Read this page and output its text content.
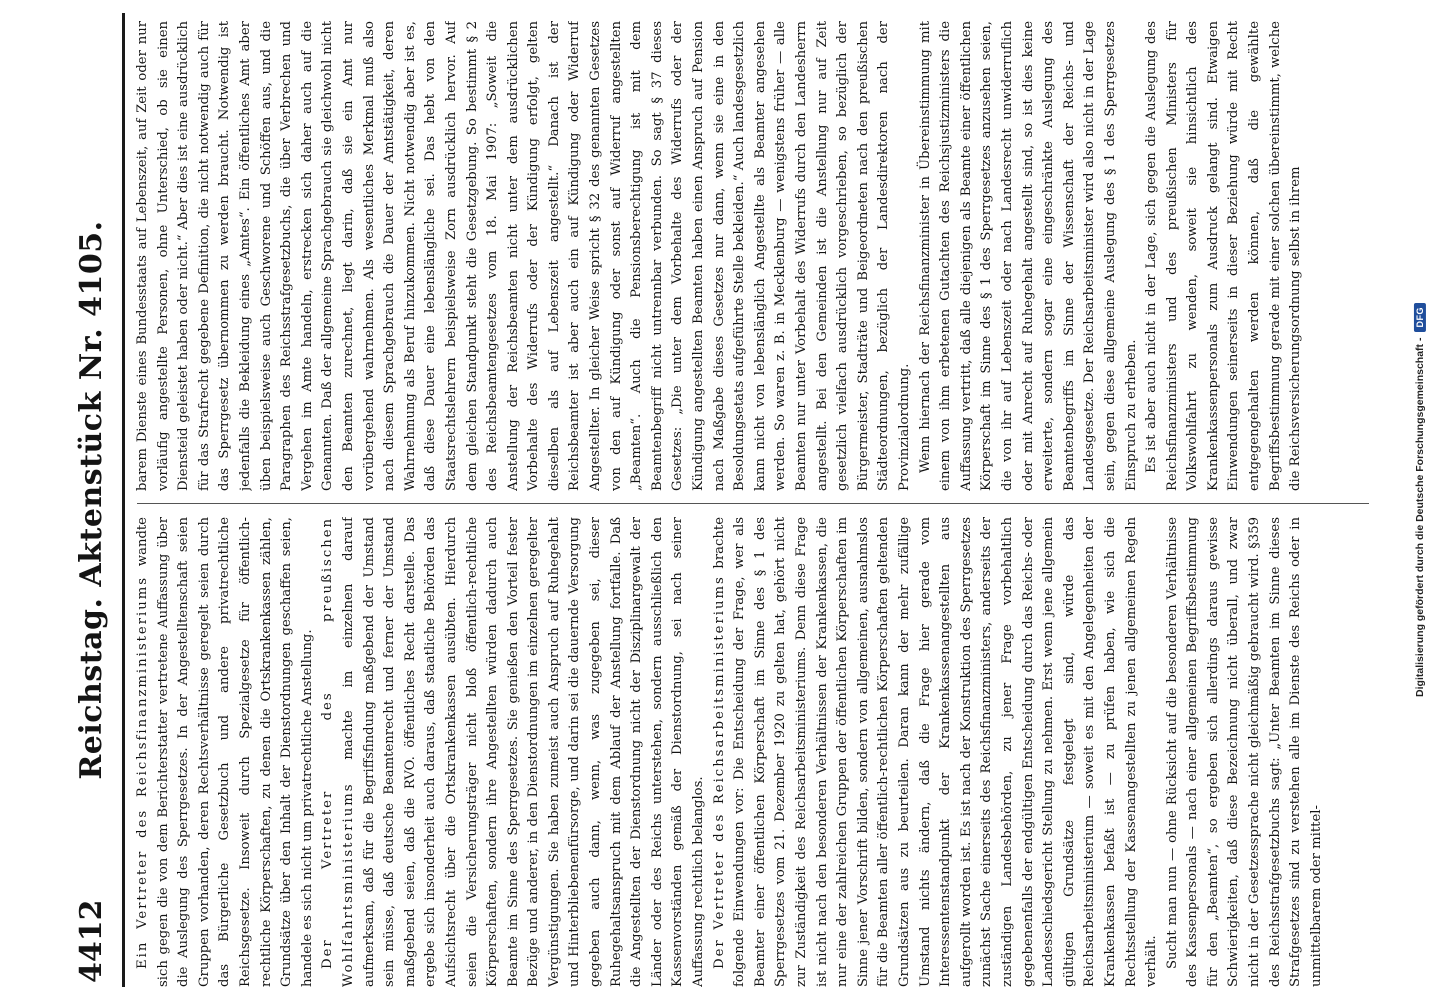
4412
Reichstag. Aktenstück Nr. 4105. Ein Vertreter des Reichsfinanzministeriums wandte sich gegen die von dem Berichterstatter vertretene Auffassung über die Auslegung des Sperrgesetzes. In der Angestelltenschaft seien Gruppen vorhanden, deren Rechtsverhältnisse geregelt seien durch das Bürgerliche Gesetzbuch und andere privatrechtliche Reichsgesetze. Insoweit durch Spezialgesetze für öffentlich-rechtliche Körperschaften, zu denen die Ortskrankenkassen zählen, Grundsätze über den Inhalt der Dienstordnungen geschaffen seien, handele es sich nicht um privatrechtliche Anstellung. Der Vertreter des preußischen Wohlfahrtsministeriums machte im einzelnen darauf aufmerksam, daß für die Begriffsfindung maßgebend der Umstand sein müsse, daß deutsche Beamtenrecht und ferner der Umstand maßgebend seien, daß die RVO. öffentliches Recht darstelle. Das ergebe sich insonderheit auch daraus, daß staatliche Behörden das Aufsichtsrecht über die Ortskrankenkassen ausübten. Hierdurch seien die Versicherungsträger nicht bloß öffentlich-rechtliche Körperschaften, sondern ihre Angestellten würden dadurch auch Beamte im Sinne des Sperrgesetzes. Sie genießen den Vorteil fester Bezüge und anderer, in den Dienstordnungen im einzelnen geregelter Vergünstigungen. Sie haben zumeist auch Anspruch auf Ruhegehalt und Hinterbliebenenfürsorge, und darin sei die dauernde Versorgung gegeben auch dann, wenn, was zugegeben sei, dieser Ruhegehaltsanspruch mit dem Ablauf der Anstellung fortfalle. Daß die Angestellten der Dienstordnung nicht der Disziplinargewalt der Länder oder des Reichs unterstehen, sondern ausschließlich den Kassenvorständen gemäß der Dienstordnung, sei nach seiner Auffassung rechtlich belanglos. Der Vertreter des Reichsarbeitsministeriums brachte folgende Einwendungen vor: Die Entscheidung der Frage, wer als Beamter einer öffentlichen Körperschaft im Sinne des § 1 des Sperrgesetzes vom 21. Dezember 1920 zu gelten hat, gehört nicht zur Zuständigkeit des Reichsarbeitsministeriums. Denn diese Frage ist nicht nach den besonderen Verhältnissen der Krankenkassen, die nur eine der zahlreichen Gruppen der öffentlichen Körperschaften im Sinne jener Vorschrift bilden, sondern von allgemeinen, ausnahmslos für die Beamten aller öffentlich-rechtlichen Körperschaften geltenden Grundsätzen aus zu beurteilen. Daran kann der mehr zufällige Umstand nichts ändern, daß die Frage hier gerade vom Interessentenstandpunkt der Krankenkassenangestellten aus aufgerollt worden ist. Es ist nach der Konstruktion des Sperrgesetzes zunächst Sache einerseits des Reichsfinanzministers, anderseits der zuständigen Landesbehörden, zu jener Frage vorbehaltlich gegebenenfalls der endgültigen Entscheidung durch das Reichs- oder Landesschiedsgericht Stellung zu nehmen. Erst wenn jene allgemein gültigen Grundsätze festgelegt sind, würde das Reichsarbeitsministerium — soweit es mit den Angelegenheiten der Krankenkassen befaßt ist — zu prüfen haben, wie sich die Rechtsstellung der Kassenangestellten zu jenen allgemeinen Regeln verhält. Sucht man nun — ohne Rücksicht auf die besonderen Verhältnisse des Kassenpersonals — nach einer allgemeinen Begriffsbestimmung für den „Beamten“, so ergeben sich allerdings daraus gewisse Schwierigkeiten, daß diese Bezeichnung nicht überall, und zwar nicht in der Gesetzessprache nicht gleichmäßig gebraucht wird. §359 des Reichsstrafgesetzbuchs sagt: „Unter Beamten im Sinne dieses Strafgesetzes sind zu verstehen alle im Dienste des Reichs oder in unmittelbarem oder mittel-

barem Dienste eines Bundesstaats auf Lebenszeit, auf Zeit oder nur vorläufig angestellte Personen, ohne Unterschied, ob sie einen Diensteid geleistet haben oder nicht.“ Aber dies ist eine ausdrücklich für das Strafrecht gegebene Definition, die nicht notwendig auch für das Sperrgesetz übernommen zu werden braucht. Notwendig ist jedenfalls die Bekleidung eines „Amtes“. Ein öffentliches Amt aber üben beispielsweise auch Geschworene und Schöffen aus, und die Paragraphen des Reichsstrafgesetzbuchs, die über Verbrechen und Vergehen im Amte handeln, erstrecken sich daher auch auf die Genannten. Daß der allgemeine Sprachgebrauch sie gleichwohl nicht den Beamten zurechnet, liegt darin, daß sie ein Amt nur vorübergehend wahrnehmen. Als wesentliches Merkmal muß also nach diesem Sprachgebrauch die Dauer der Amtstätigkeit, deren Wahrnehmung als Beruf hinzukommen. Nicht notwendig aber ist es, daß diese Dauer eine lebenslängliche sei. Das hebt von den Staatsrechtslehrern beispielsweise Zorn ausdrücklich hervor. Auf dem gleichen Standpunkt steht die Gesetzgebung. So bestimmt § 2 des Reichsbeamtengesetzes vom 18. Mai 1907: „Soweit die Anstellung der Reichsbeamten nicht unter dem ausdrücklichen Vorbehalte des Widerrufs oder der Kündigung erfolgt, gelten dieselben als auf Lebenszeit angestellt.“ Danach ist der Reichsbeamter ist aber auch ein auf Kündigung oder Widerruf Angestellter. In gleicher Weise spricht § 32 des genannten Gesetzes von den auf Kündigung oder sonst auf Widerruf angestellten „Beamten“. Auch die Pensionsberechtigung ist mit dem Beamtenbegriff nicht untrennbar verbunden. So sagt § 37 dieses Gesetzes: „Die unter dem Vorbehalte des Widerrufs oder der Kündigung angestellten Beamten haben einen Anspruch auf Pension nach Maßgabe dieses Gesetzes nur dann, wenn sie eine in den Besoldungsetats aufgeführte Stelle bekleiden.“ Auch landesgesetzlich kann nicht von lebenslänglich Angestellte als Beamter angesehen werden. So waren z. B. in Mecklenburg — wenigstens früher — alle Beamten nur unter Vorbehalt des Widerrufs durch den Landesherrn angestellt. Bei den Gemeinden ist die Anstellung nur auf Zeit gesetzlich vielfach ausdrücklich vorgeschrieben, so bezüglich der Bürgermeister, Stadträte und Beigeordneten nach den preußischen Städteordnungen, bezüglich der Landesdirektoren nach der Provinzialordnung. Wenn hiernach der Reichsfinanzminister in Übereinstimmung mit einem von ihm erbetenen Gutachten des Reichsjustizministers die Auffassung vertritt, daß alle diejenigen als Beamte einer öffentlichen Körperschaft im Sinne des § 1 des Sperrgesetzes anzusehen seien, die von ihr auf Lebenszeit oder nach Landesrecht unwiderruflich oder mit Anrecht auf Ruhegehalt angestellt sind, so ist dies keine erweiterte, sondern sogar eine eingeschränkte Auslegung des Beamtenbegriffs im Sinne der Wissenschaft der Reichs- und Landesgesetze. Der Reichsarbeitsminister wird also nicht in der Lage sein, gegen diese allgemeine Auslegung des § 1 des Sperrgesetzes Einspruch zu erheben. Es ist aber auch nicht in der Lage, sich gegen die Auslegung des Reichsfinanzministers und des preußischen Ministers für Volkswohlfahrt zu wenden, soweit sie hinsichtlich des Krankenkassenpersonals zum Ausdruck gelangt sind. Etwaigen Einwendungen seinerseits in dieser Beziehung würde mit Recht entgegengehalten werden können, daß die gewählte Begriffsbestimmung gerade mit einer solchen übereinstimmt, welche die Reichsversicherungsordnung selbst in ihrem

Digitalisierung gefördert durch die Deutsche Forschungsgemeinschaft -
DFG
